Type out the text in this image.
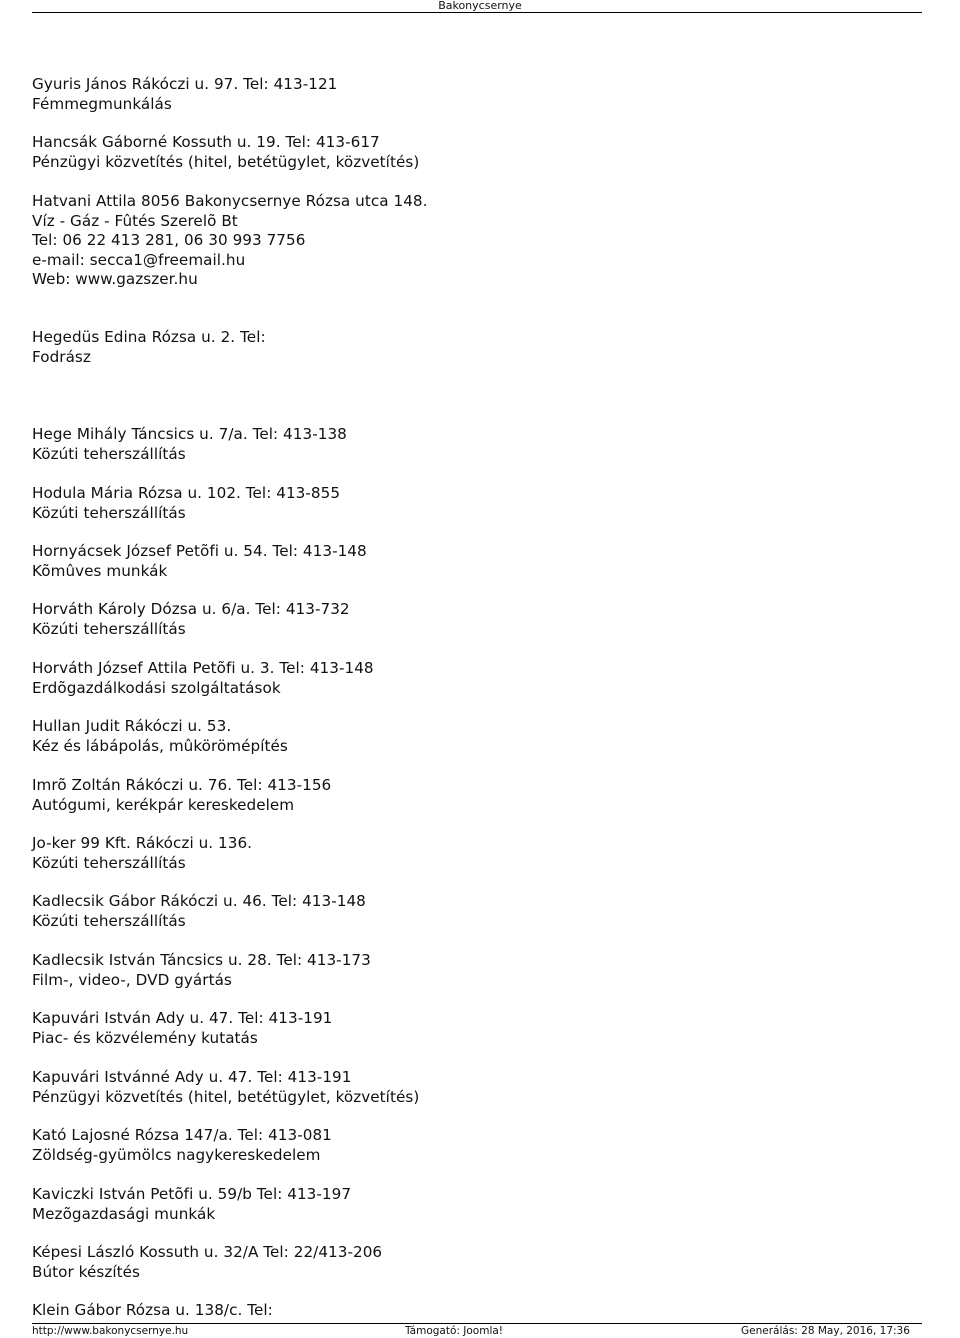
Bakonycsernye
Gyuris János Rákóczi u. 97. Tel: 413-121
Fémmegmunkálás
Hancsák Gáborné Kossuth u. 19. Tel: 413-617
Pénzügyi közvetítés (hitel, betétügylet, közvetítés)
Hatvani Attila 8056 Bakonycsernye Rózsa utca 148.
Víz - Gáz - Fûtés Szerelõ Bt
Tel: 06 22 413 281, 06 30 993 7756
e-mail: secca1@freemail.hu
Web: www.gazszer.hu
Hegedüs Edina Rózsa u. 2. Tel:
Fodrász
Hege Mihály Táncsics u. 7/a. Tel: 413-138
Közúti teherszállítás
Hodula Mária Rózsa u. 102. Tel: 413-855
Közúti teherszállítás
Hornyácsek József Petõfi u. 54. Tel: 413-148
Kõmûves munkák
Horváth Károly Dózsa u. 6/a. Tel: 413-732
Közúti teherszállítás
Horváth József Attila Petõfi u. 3. Tel: 413-148
Erdõgazdálkodási szolgáltatások
Hullan Judit Rákóczi u. 53.
Kéz és lábápolás, mûkörömépítés
Imrõ Zoltán Rákóczi u. 76. Tel: 413-156
Autógumi, kerékpár kereskedelem
Jo-ker 99 Kft. Rákóczi u. 136.
Közúti teherszállítás
Kadlecsik Gábor Rákóczi u. 46. Tel: 413-148
Közúti teherszállítás
Kadlecsik István Táncsics u. 28. Tel: 413-173
Film-, video-, DVD gyártás
Kapuvári István Ady u. 47. Tel: 413-191
Piac- és közvélemény kutatás
Kapuvári Istvánné Ady u. 47. Tel: 413-191
Pénzügyi közvetítés (hitel, betétügylet, közvetítés)
Kató Lajosné Rózsa 147/a. Tel: 413-081
Zöldség-gyümölcs nagykereskedelem
Kaviczki István Petõfi u. 59/b Tel: 413-197
Mezõgazdasági munkák
Képesi László Kossuth u. 32/A Tel: 22/413-206
Bútor készítés
Klein Gábor Rózsa u. 138/c. Tel:
http://www.bakonycsernye.hu	Támogató: Joomla!	Generálás: 28 May, 2016, 17:36
